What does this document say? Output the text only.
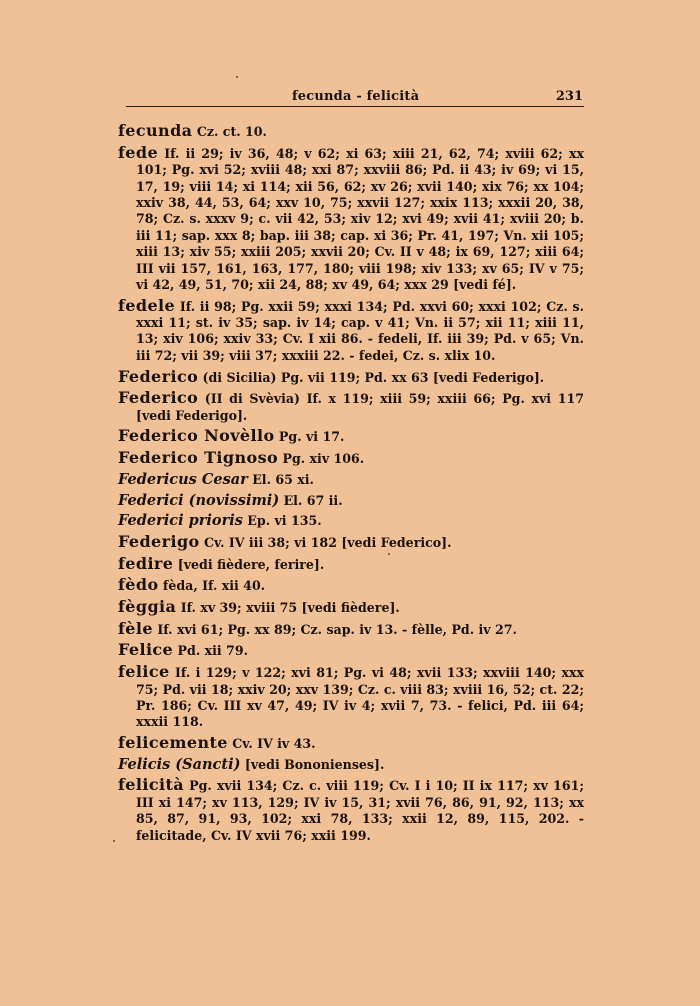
fecunda - felicità	231
fecunda Cz. ct. 10.
fede If. ii 29; iv 36, 48; v 62; xi 63; xiii 21, 62, 74; xviii 62; xx 101; Pg. xvi 52; xviii 48; xxi 87; xxviii 86; Pd. ii 43; iv 69; vi 15, 17, 19; viii 14; xi 114; xii 56, 62; xv 26; xvii 140; xix 76; xx 104; xxiv 38, 44, 53, 64; xxv 10, 75; xxvii 127; xxix 113; xxxii 20, 38, 78; Cz. s. xxxv 9; c. vii 42, 53; xiv 12; xvi 49; xvii 41; xviii 20; b. iii 11; sap. xxx 8; bap. iii 38; cap. xi 36; Pr. 41, 197; Vn. xii 105; xiii 13; xiv 55; xxiii 205; xxvii 20; Cv. II v 48; ix 69, 127; xiii 64; III vii 157, 161, 163, 177, 180; viii 198; xiv 133; xv 65; IV v 75; vi 42, 49, 51, 70; xii 24, 88; xv 49, 64; xxx 29 [vedi fé].
fedele If. ii 98; Pg. xxii 59; xxxi 134; Pd. xxvi 60; xxxi 102; Cz. s. xxxi 11; st. iv 35; sap. iv 14; cap. v 41; Vn. ii 57; xii 11; xiii 11, 13; xiv 106; xxiv 33; Cv. I xii 86. - fedeli, If. iii 39; Pd. v 65; Vn. iii 72; vii 39; viii 37; xxxiii 22. - fedei, Cz. s. xlix 10.
Federico (di Sicilia) Pg. vii 119; Pd. xx 63 [vedi Federigo].
Federico (II di Svèvia) If. x 119; xiii 59; xxiii 66; Pg. xvi 117 [vedi Federigo].
Federico Novèllo Pg. vi 17.
Federico Tignoso Pg. xiv 106.
Federicus Cesar El. 65 xi.
Federici (novissimi) El. 67 ii.
Federici prioris Ep. vi 135.
Federigo Cv. IV iii 38; vi 182 [vedi Federico].
fedire [vedi fièdere, ferire].
fèdo fèda, If. xii 40.
fèggia If. xv 39; xviii 75 [vedi fièdere].
fèle If. xvi 61; Pg. xx 89; Cz. sap. iv 13. - fèlle, Pd. iv 27.
Felice Pd. xii 79.
felice If. i 129; v 122; xvi 81; Pg. vi 48; xvii 133; xxviii 140; xxx 75; Pd. vii 18; xxiv 20; xxv 139; Cz. c. viii 83; xviii 16, 52; ct. 22; Pr. 186; Cv. III xv 47, 49; IV iv 4; xvii 7, 73. - felici, Pd. iii 64; xxxii 118.
felicemente Cv. IV iv 43.
Felicis (Sancti) [vedi Bononienses].
felicità Pg. xvii 134; Cz. c. viii 119; Cv. I i 10; II ix 117; xv 161; III xi 147; xv 113, 129; IV iv 15, 31; xvii 76, 86, 91, 92, 113; xx 85, 87, 91, 93, 102; xxi 78, 133; xxii 12, 89, 115, 202. - felicitade, Cv. IV xvii 76; xxii 199.
